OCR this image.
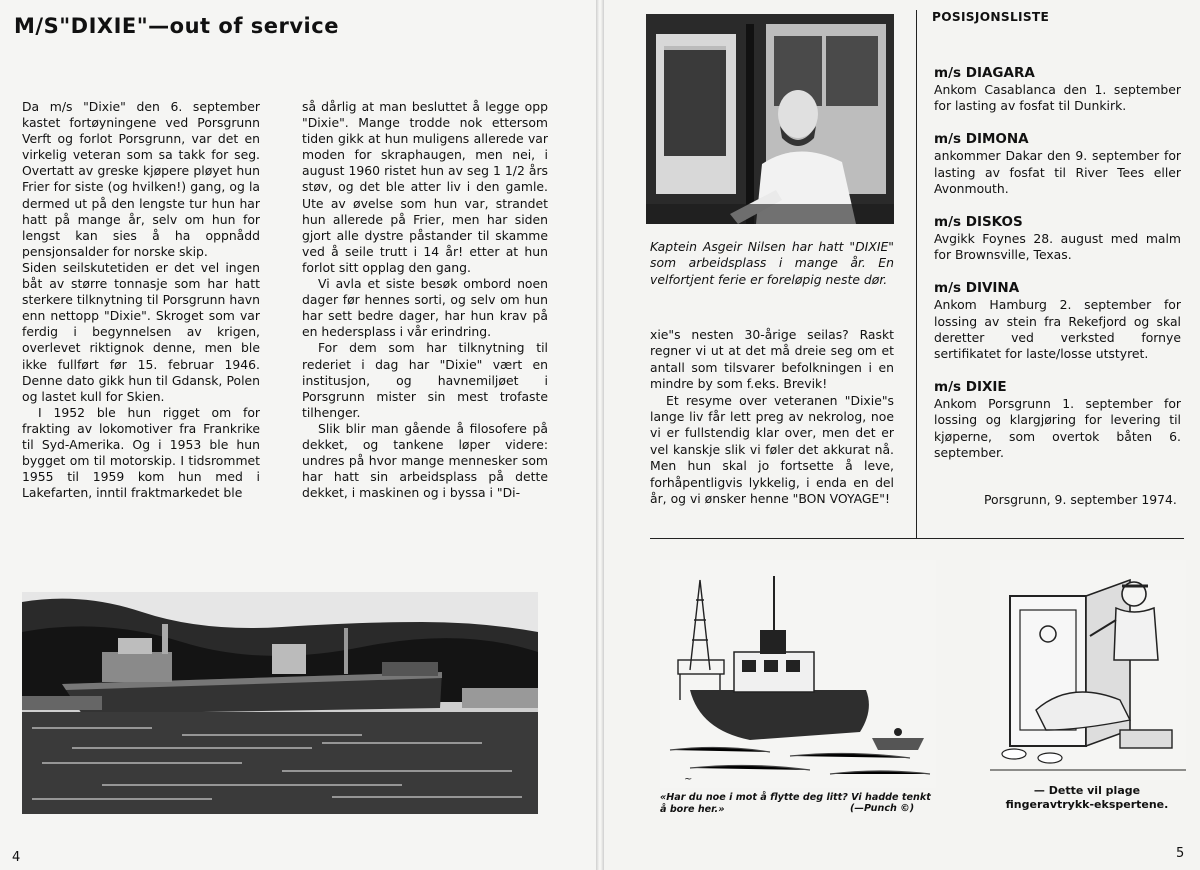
M/S"DIXIE"—out of service

Da m/s "Dixie" den 6. september kastet fortøyningene ved Porsgrunn Verft og forlot Porsgrunn, var det en virkelig veteran som sa takk for seg. Overtatt av greske kjøpere pløyet hun Frier for siste (og hvilken!) gang, og la dermed ut på den lengste tur hun har hatt på mange år, selv om hun for lengst kan sies å ha oppnådd pensjonsalder for norske skip.

Siden seilskutetiden er det vel ingen båt av større tonnasje som har hatt sterkere tilknytning til Porsgrunn havn enn nettopp "Dixie". Skroget som var ferdig i begynnelsen av krigen, overlevet riktignok denne, men ble ikke fullført før 15. februar 1946. Denne dato gikk hun til Gdansk, Polen og lastet kull for Skien.

I 1952 ble hun rigget om for frakting av lokomotiver fra Frankrike til Syd-Amerika. Og i 1953 ble hun bygget om til motorskip. I tidsrommet 1955 til 1959 kom hun med i Lakefarten, inntil fraktmarkedet ble

så dårlig at man besluttet å legge opp "Dixie". Mange trodde nok ettersom tiden gikk at hun muligens allerede var moden for skraphaugen, men nei, i august 1960 ristet hun av seg 1 1/2 års støv, og det ble atter liv i den gamle. Ute av øvelse som hun var, strandet hun allerede på Frier, men har siden gjort alle dystre påstander til skamme ved å seile trutt i 14 år! etter at hun forlot sitt opplag den gang.

Vi avla et siste besøk ombord noen dager før hennes sorti, og selv om hun har sett bedre dager, har hun krav på en hedersplass i vår erindring.

For dem som har tilknytning til rederiet i dag har "Dixie" vært en institusjon, og havnemiljøet i Porsgrunn mister sin mest trofaste tilhenger.

Slik blir man gående å filosofere på dekket, og tankene løper videre: undres på hvor mange mennesker som har hatt sin arbeidsplass på dette dekket, i maskinen og i byssa i "Di-

4
Kaptein Asgeir Nilsen har hatt "DIXIE" som arbeidsplass i mange år. En velfortjent ferie er foreløpig neste dør.

xie"s nesten 30-årige seilas? Raskt regner vi ut at det må dreie seg om et antall som tilsvarer befolkningen i en mindre by som f.eks. Brevik!

Et resyme over veteranen "Dixie"s lange liv får lett preg av nekrolog, noe vi er fullstendig klar over, men det er vel kanskje slik vi føler det akkurat nå. Men hun skal jo fortsette å leve, forhåpentligvis lykkelig, i enda en del år, og vi ønsker henne "BON VOYAGE"!

POSISJONSLISTE
m/s DIAGARA
Ankom Casablanca den 1. september for lasting av fosfat til Dunkirk.
m/s DIMONA
ankommer Dakar den 9. september for lasting av fosfat til River Tees eller Avonmouth.
m/s DISKOS
Avgikk Foynes 28. august med malm for Brownsville, Texas.
m/s DIVINA
Ankom Hamburg 2. september for lossing av stein fra Rekefjord og skal deretter ved verksted fornye sertifikatet for laste/losse utstyret.
m/s DIXIE
Ankom Porsgrunn 1. september for lossing og klargjøring for levering til kjøperne, som overtok båten 6. september.
Porsgrunn, 9. september 1974.
~
«Har du noe i mot å flytte deg litt? Vi hadde tenkt å bore her.»	(—Punch ©)
— Dette vil plage fingeravtrykk-ekspertene.
5
